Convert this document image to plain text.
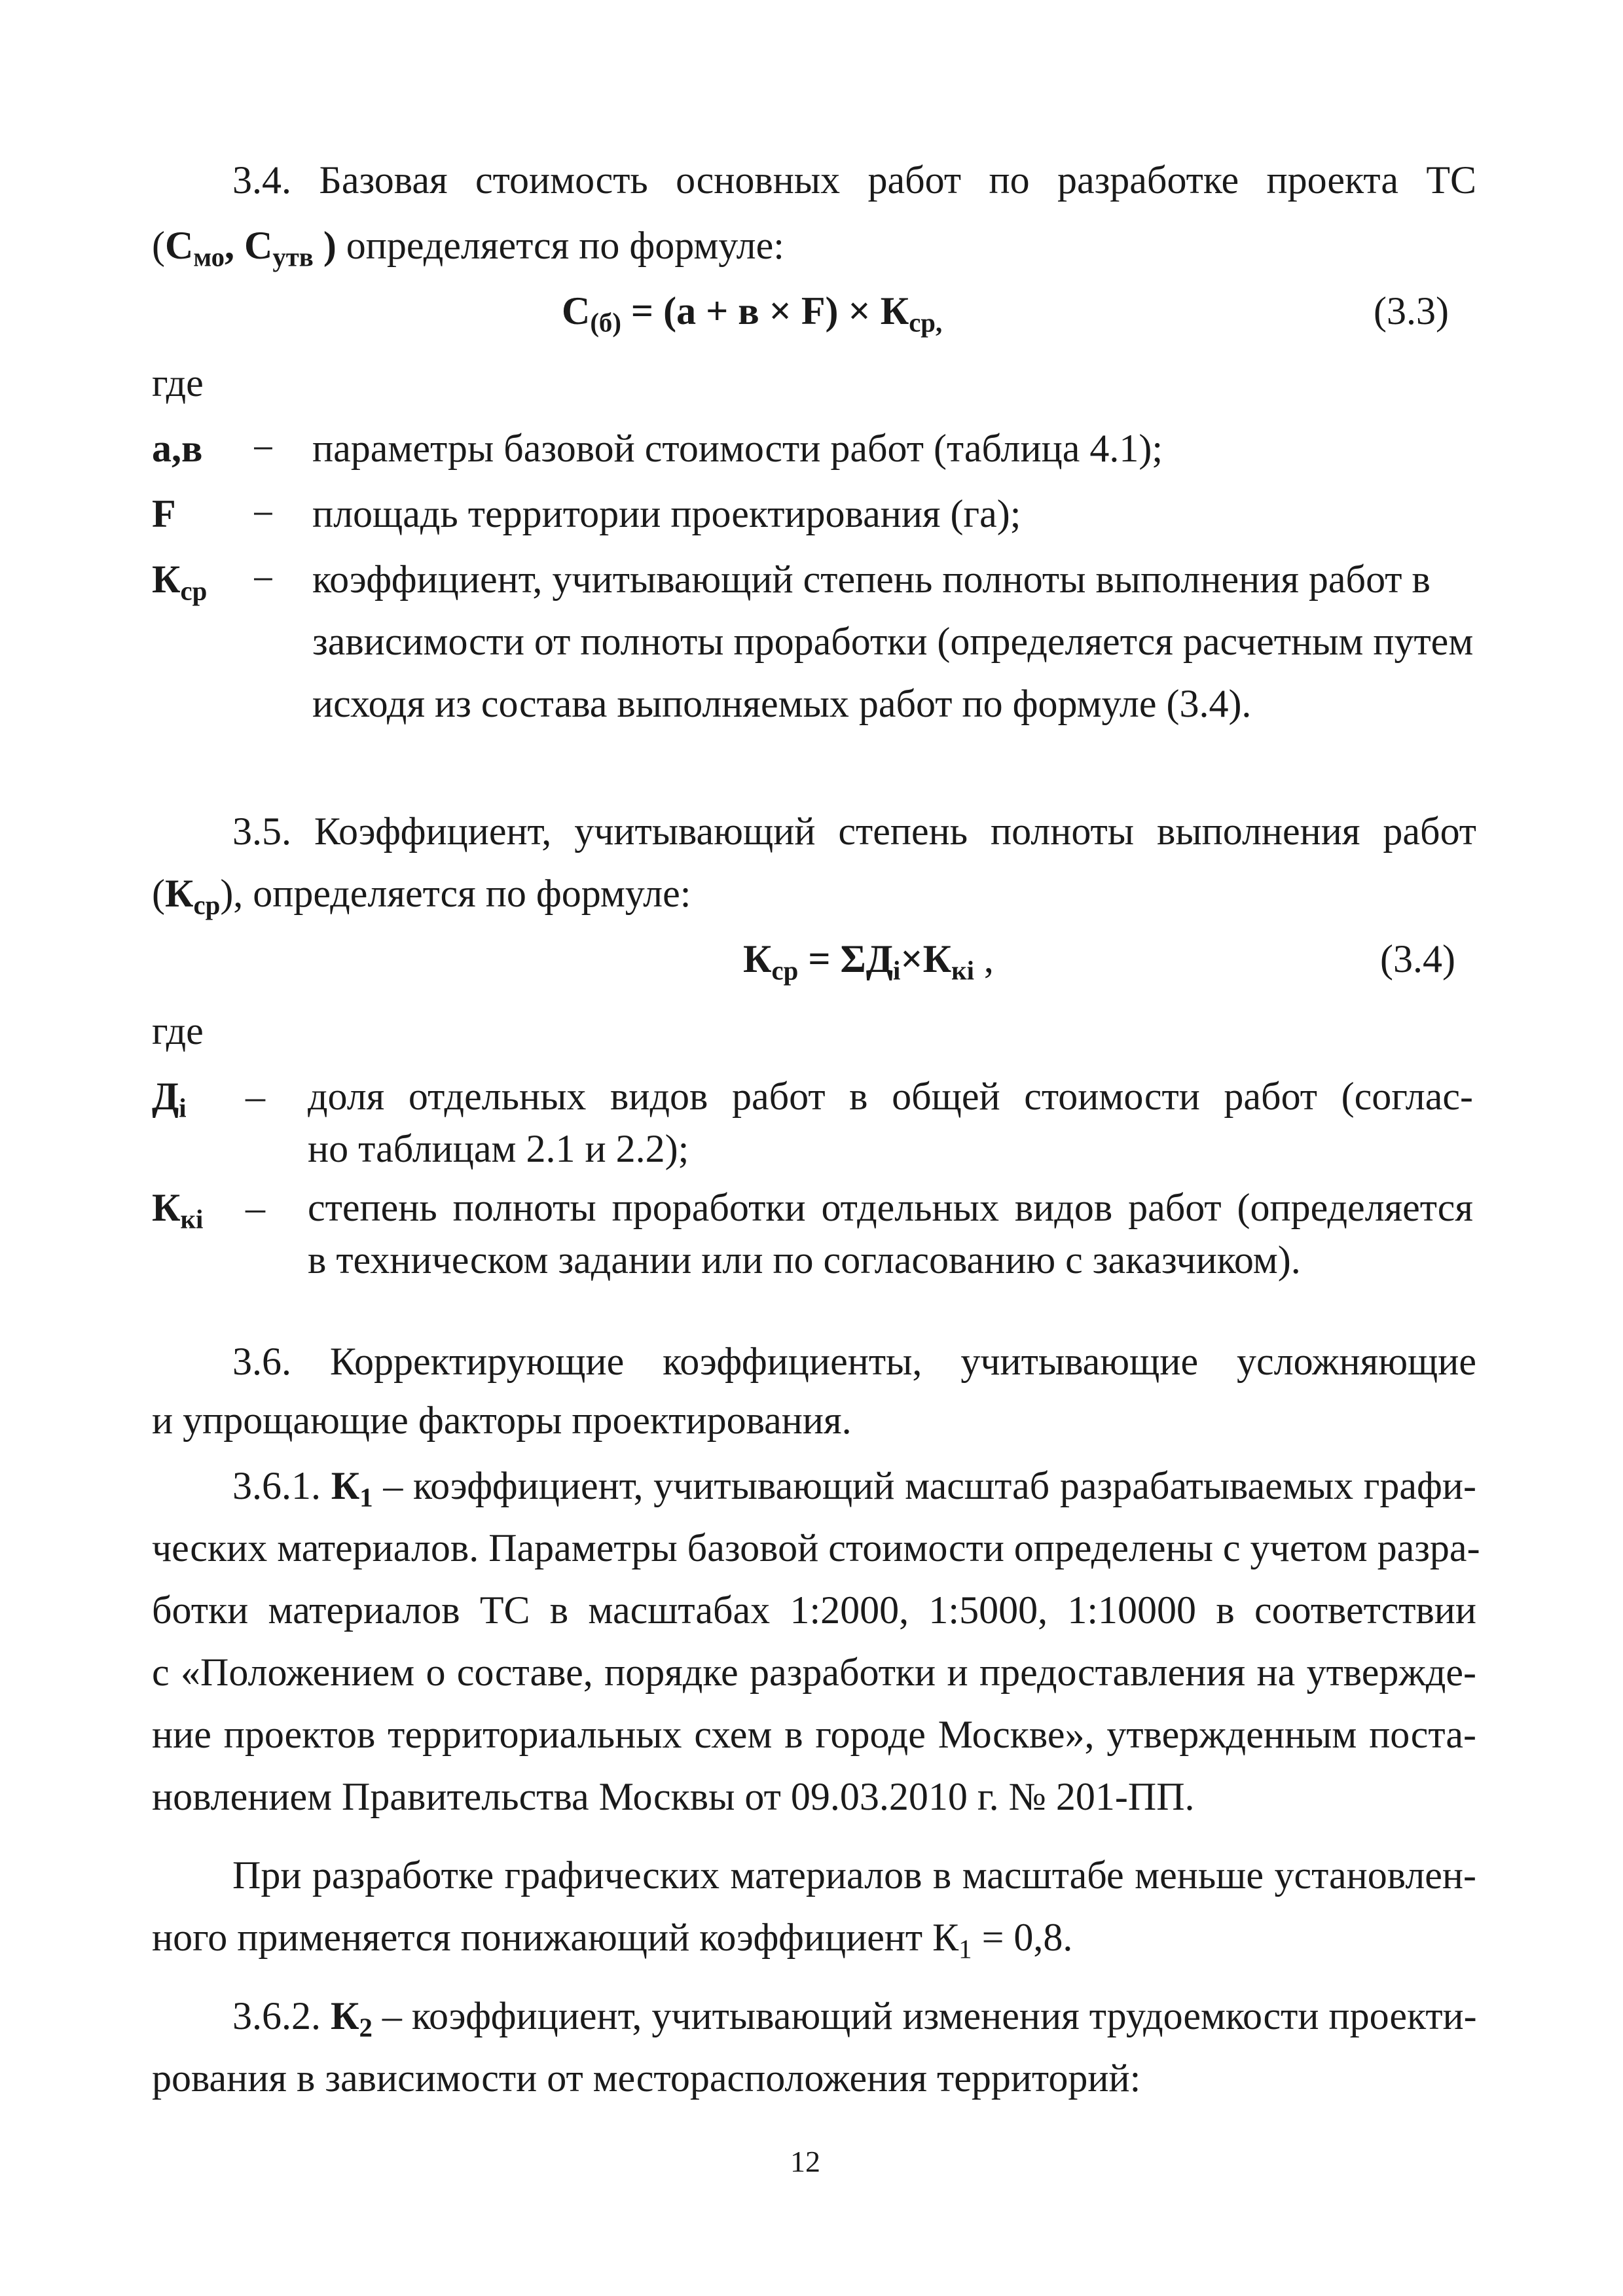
3.4. Базовая стоимость основных работ по разработке проекта ТС
($С_{мо}$, $С_{утв}$ ) определяется по формуле:
$С_{(б)} = (а + в \times F) \times К_{ср,}$	(3.3)
где
а,в − параметры базовой стоимости работ (таблица 4.1);
F − площадь территории проектирования (га);
$К_{ср}$ − коэффициент, учитывающий степень полноты выполнения работ в
зависимости от полноты проработки (определяется расчетным путем
исходя из состава выполняемых работ по формуле (3.4).
3.5. Коэффициент, учитывающий степень полноты выполнения работ
$(К_{ср})$, определяется по формуле:
$К_{ср} = \Sigma Д_i\times К_{кi}$ ,	(3.4)
где
$Д_i$ – доля отдельных видов работ в общей стоимости работ (соглас-
но таблицам 2.1 и 2.2);
$К_{кi}$ – степень полноты проработки отдельных видов работ (определяется
в техническом задании или по согласованию с заказчиком).
3.6. Корректирующие коэффициенты, учитывающие усложняющие
и упрощающие факторы проектирования.
3.6.1. $К_1$ – коэффициент, учитывающий масштаб разрабатываемых графи-
ческих материалов. Параметры базовой стоимости определены с учетом разра-
ботки материалов ТС в масштабах 1:2000, 1:5000, 1:10000 в соответствии
с «Положением о составе, порядке разработки и предоставления на утвержде-
ние проектов территориальных схем в городе Москве», утвержденным поста-
новлением Правительства Москвы от 09.03.2010 г. № 201-ПП.
При разработке графических материалов в масштабе меньше установлен-
ного применяется понижающий коэффициент $К_1 = 0,8$.
3.6.2. $К_2$ – коэффициент, учитывающий изменения трудоемкости проекти-
рования в зависимости от месторасположения территорий:
12
